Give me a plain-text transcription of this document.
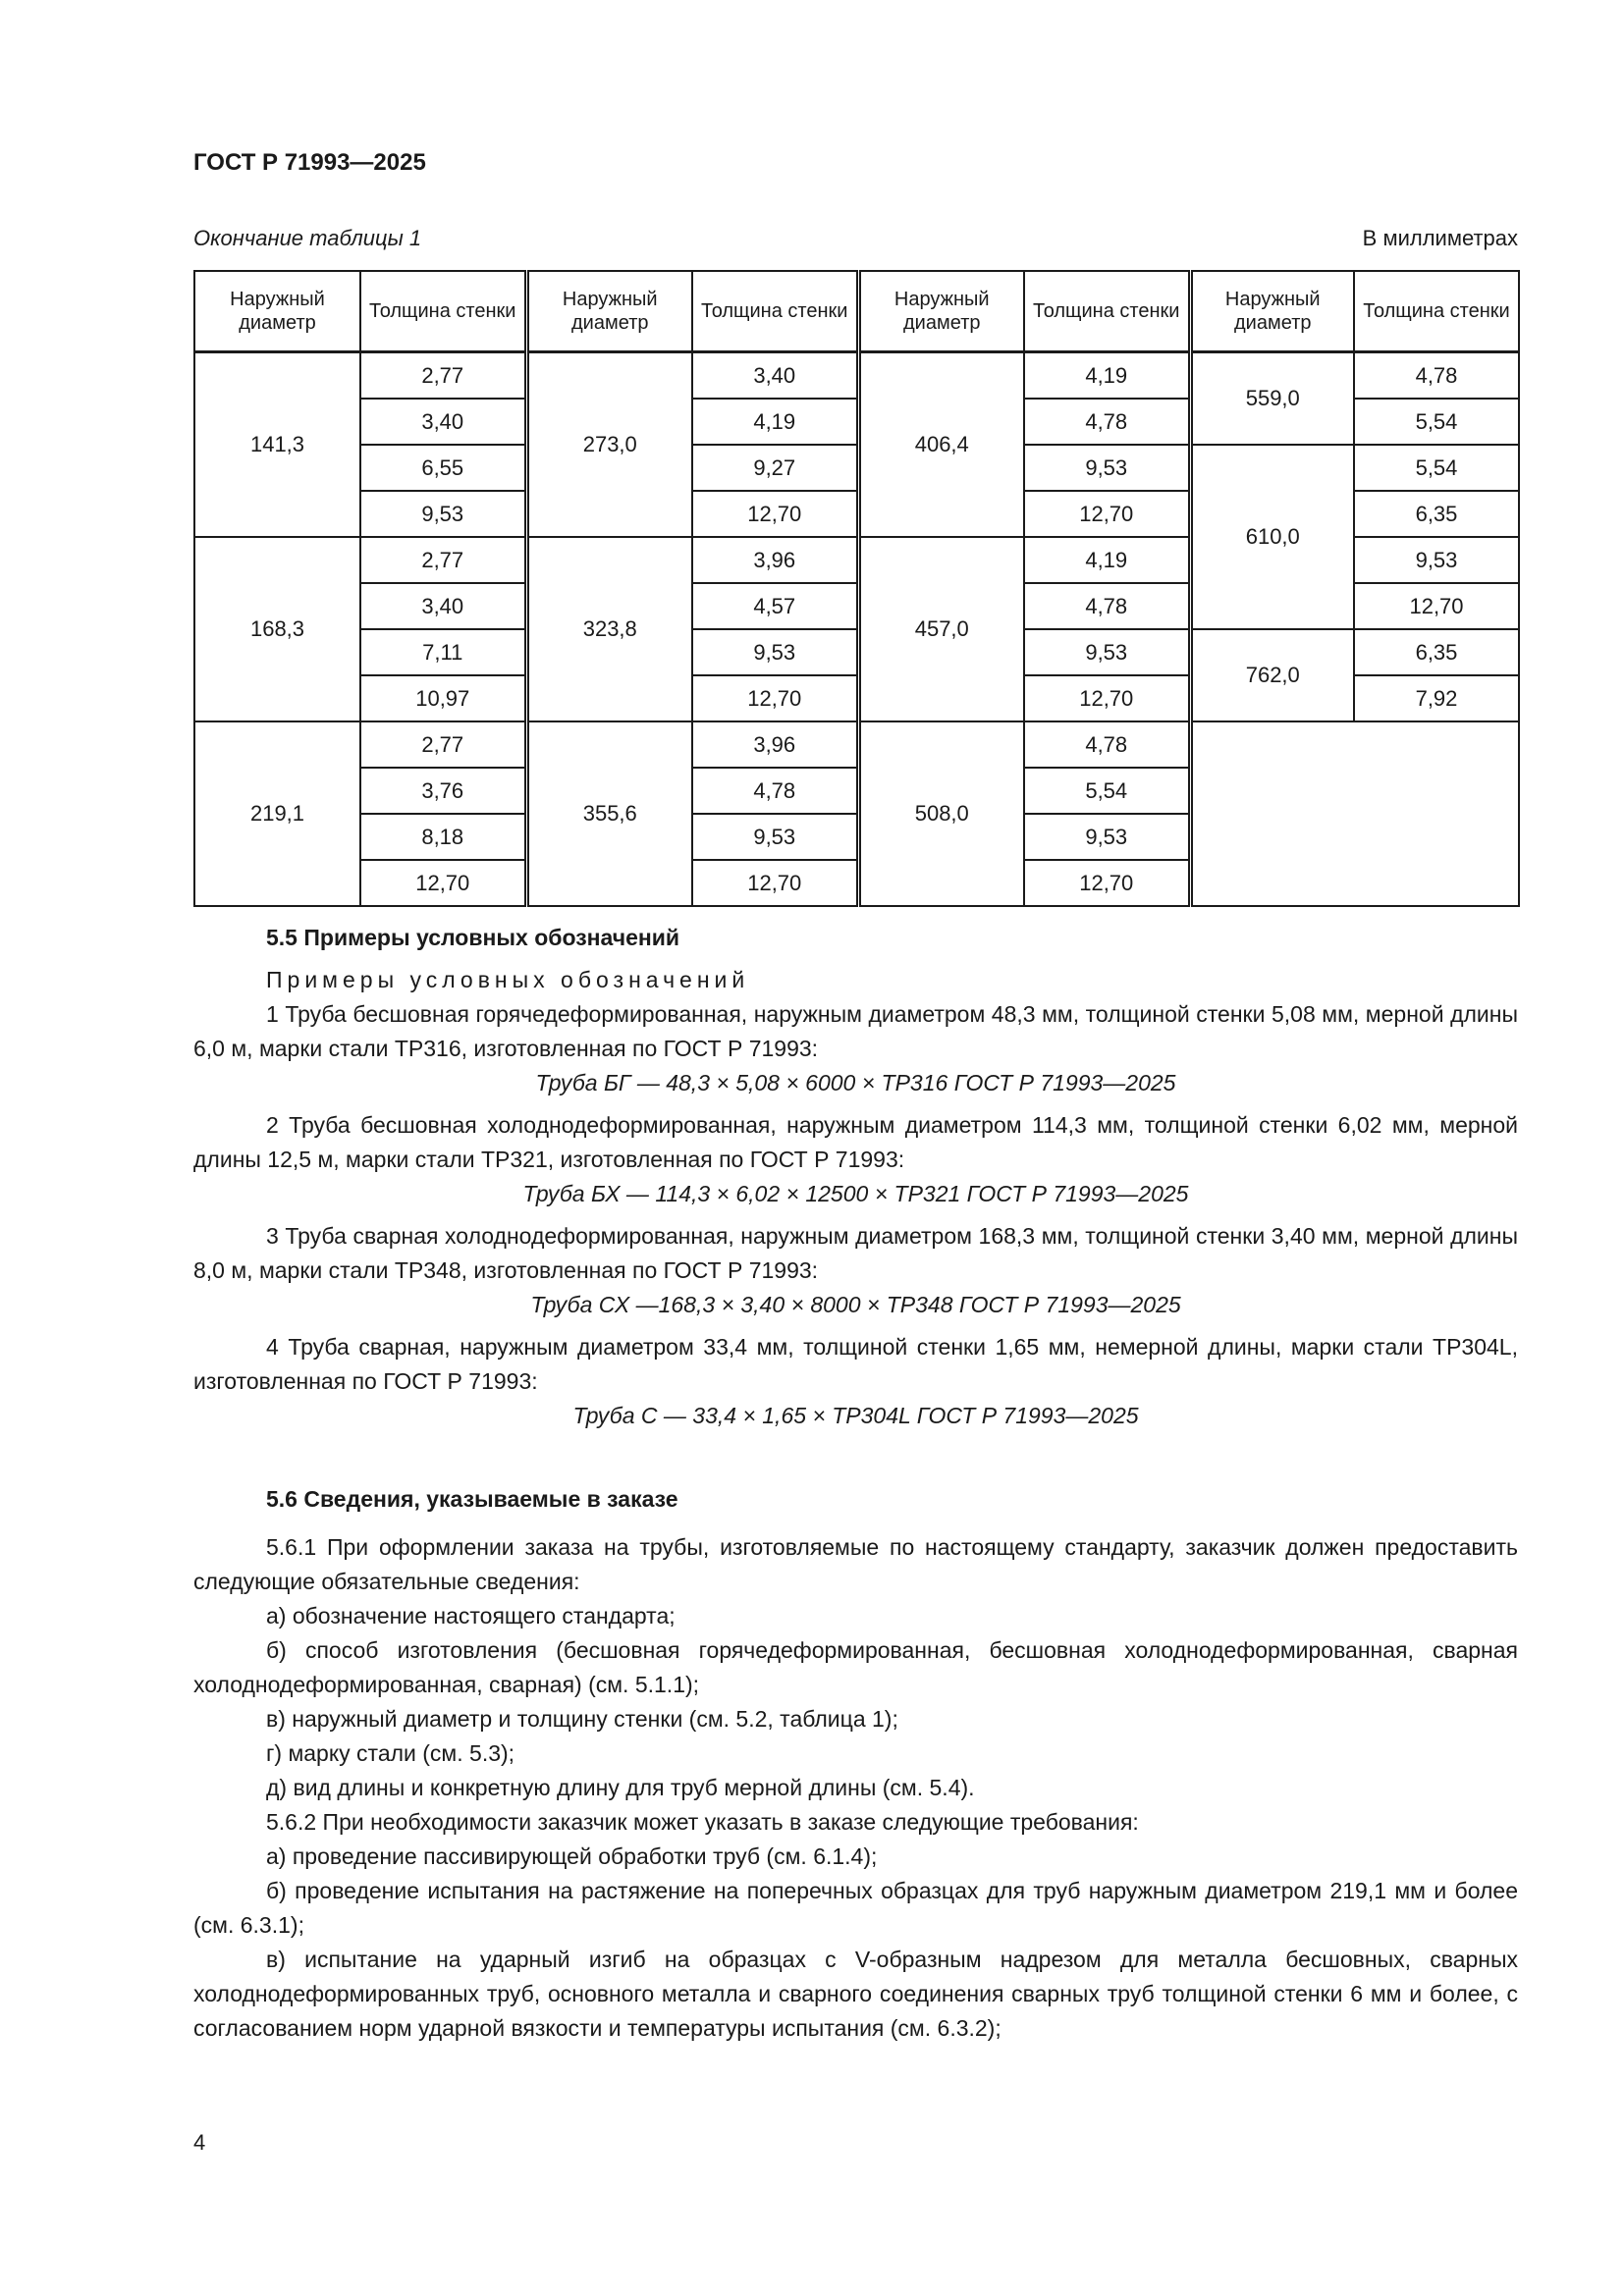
ГОСТ Р 71993—2025
Окончание таблицы 1	В миллиметрах
Наружный диаметр	Толщина стенки	Наружный диаметр	Толщина стенки	Наружный диаметр	Толщина стенки	Наружный диаметр	Толщина стенки
141,3	2,77	273,0	3,40	406,4	4,19	559,0	4,78
	3,40		4,19		4,78		5,54
	6,55		9,27		9,53	610,0	5,54
	9,53		12,70		12,70		6,35
168,3	2,77	323,8	3,96	457,0	4,19		9,53
	3,40		4,57		4,78		12,70
	7,11		9,53		9,53	762,0	6,35
	10,97		12,70		12,70		7,92
219,1	2,77	355,6	3,96	508,0	4,78		
	3,76		4,78		5,54		
	8,18		9,53		9,53		
	12,70		12,70		12,70		
5.5 Примеры условных обозначений
Примеры условных обозначений
1 Труба бесшовная горячедеформированная, наружным диаметром 48,3 мм, толщиной стенки 5,08 мм, мерной длины 6,0 м, марки стали ТР316, изготовленная по ГОСТ Р 71993:
Труба БГ — 48,3 × 5,08 × 6000 × ТР316 ГОСТ Р 71993—2025
2 Труба бесшовная холоднодеформированная, наружным диаметром 114,3 мм, толщиной стенки 6,02 мм, мерной длины 12,5 м, марки стали ТР321, изготовленная по ГОСТ Р 71993:
Труба БХ — 114,3 × 6,02 × 12500 × ТР321 ГОСТ Р 71993—2025
3 Труба сварная холоднодеформированная, наружным диаметром 168,3 мм, толщиной стенки 3,40 мм, мерной длины 8,0 м, марки стали ТР348, изготовленная по ГОСТ Р 71993:
Труба СХ —168,3 × 3,40 × 8000 × ТР348 ГОСТ Р 71993—2025
4 Труба сварная, наружным диаметром 33,4 мм, толщиной стенки 1,65 мм, немерной длины, марки стали ТР304L, изготовленная по ГОСТ Р 71993:
Труба С — 33,4 × 1,65 × ТР304L ГОСТ Р 71993—2025
5.6 Сведения, указываемые в заказе
5.6.1 При оформлении заказа на трубы, изготовляемые по настоящему стандарту, заказчик должен предоставить следующие обязательные сведения:
а) обозначение настоящего стандарта;
б) способ изготовления (бесшовная горячедеформированная, бесшовная холоднодеформированная, сварная холоднодеформированная, сварная) (см. 5.1.1);
в) наружный диаметр и толщину стенки (см. 5.2, таблица 1);
г) марку стали (см. 5.3);
д) вид длины и конкретную длину для труб мерной длины (см. 5.4).
5.6.2 При необходимости заказчик может указать в заказе следующие требования:
а) проведение пассивирующей обработки труб (см. 6.1.4);
б) проведение испытания на растяжение на поперечных образцах для труб наружным диаметром 219,1 мм и более (см. 6.3.1);
в) испытание на ударный изгиб на образцах с V-образным надрезом для металла бесшовных, сварных холоднодеформированных труб, основного металла и сварного соединения сварных труб толщиной стенки 6 мм и более, с согласованием норм ударной вязкости и температуры испытания (см. 6.3.2);
4
